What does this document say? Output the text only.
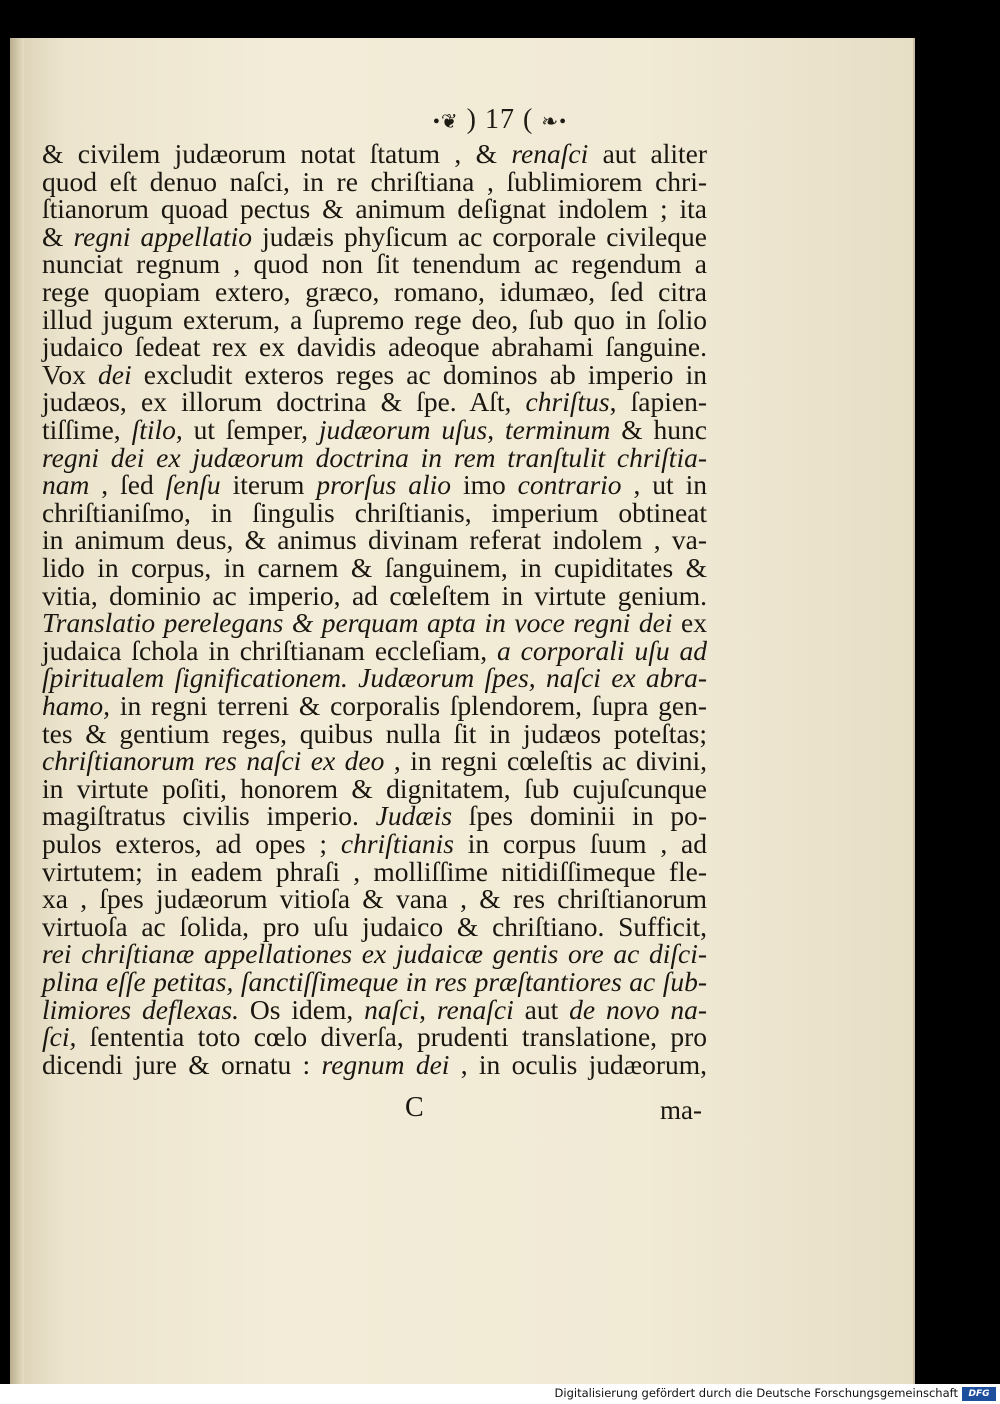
•❦ ) 17 ( ❧•
& civilem judæorum notat ſtatum , & renaſci aut aliter
quod eſt denuo naſci, in re chriſtiana , ſublimiorem chri-
ſtianorum quoad pectus & animum deſignat indolem ; ita
& regni appellatio judæis phyſicum ac corporale civileque
nunciat regnum , quod non ſit tenendum ac regendum a
rege quopiam extero, græco, romano, idumæo, ſed citra
illud jugum exterum, a ſupremo rege deo, ſub quo in ſolio
judaico ſedeat rex ex davidis adeoque abrahami ſanguine.
Vox dei excludit exteros reges ac dominos ab imperio in
judæos, ex illorum doctrina & ſpe. Aſt, chriſtus, ſapien-
tiſſime, ſtilo, ut ſemper, judæorum uſus, terminum & hunc
regni dei ex judæorum doctrina in rem tranſtulit chriſtia-
nam , ſed ſenſu iterum prorſus alio imo contrario , ut in
chriſtianiſmo, in ſingulis chriſtianis, imperium obtineat
in animum deus, & animus divinam referat indolem , va-
lido in corpus, in carnem & ſanguinem, in cupiditates &
vitia, dominio ac imperio, ad cœleſtem in virtute genium.
Translatio perelegans & perquam apta in voce regni dei ex
judaica ſchola in chriſtianam eccleſiam, a corporali uſu ad
ſpiritualem ſignificationem. Judæorum ſpes, naſci ex abra-
hamo, in regni terreni & corporalis ſplendorem, ſupra gen-
tes & gentium reges, quibus nulla ſit in judæos poteſtas;
chriſtianorum res naſci ex deo , in regni cœleſtis ac divini,
in virtute poſiti, honorem & dignitatem, ſub cujuſcunque
magiſtratus civilis imperio. Judæis ſpes dominii in po-
pulos exteros, ad opes ; chriſtianis in corpus ſuum , ad
virtutem; in eadem phraſi , molliſſime nitidiſſimeque fle-
xa , ſpes judæorum vitioſa & vana , & res chriſtianorum
virtuoſa ac ſolida, pro uſu judaico & chriſtiano. Sufficit,
rei chriſtianæ appellationes ex judaicæ gentis ore ac diſci-
plina eſſe petitas, ſanctiſſimeque in res præſtantiores ac ſub-
limiores deflexas. Os idem, naſci, renaſci aut de novo na-
ſci, ſententia toto cœlo diverſa, prudenti translatione, pro
dicendi jure & ornatu : regnum dei , in oculis judæorum,
C	ma-
Digitalisierung gefördert durch die Deutsche Forschungsgemeinschaft	DFG
